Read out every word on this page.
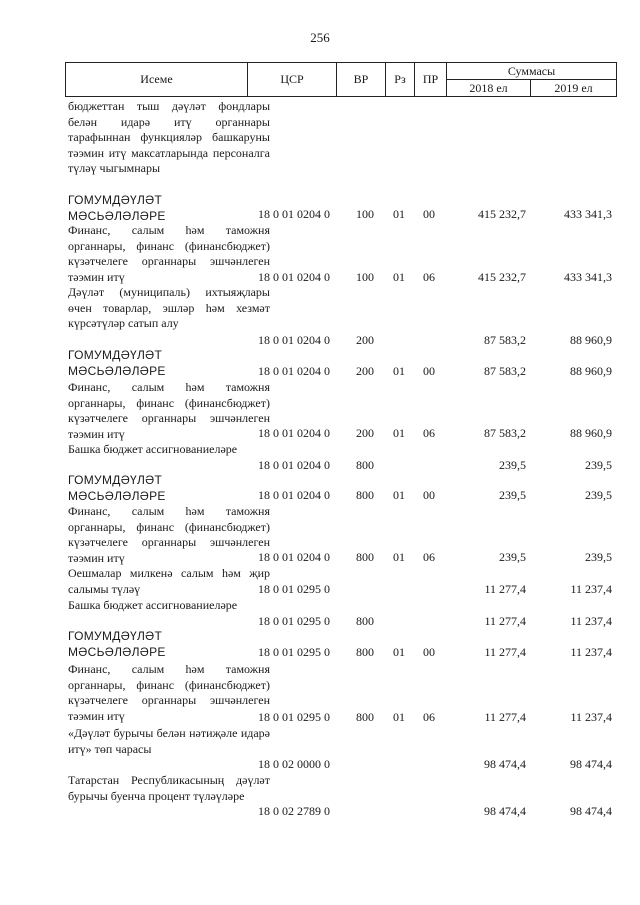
256
Исеме	ЦСР	ВР	Рз	ПР
Суммасы
2018 ел	2019 ел
бюджеттан тыш дәүләт фондлары белән идарә итү органнары тарафыннан функцияләр башкаруны тәэмин итү максатларында персоналга түләү чыгымнары
ГОМУМДӘҮЛӘТ МӘСЬӘЛӘЛӘРЕ	18 0 01 0204 0 100 01 00	415 232,7	433 341,3
Финанс, салым һәм таможня органнары, финанс (финансбюджет) күзәтчелеге органнары эшчәнлеген тәэмин итү	18 0 01 0204 0 100 01 06	415 232,7	433 341,3
Дәүләт (муниципаль) ихтыяҗлары өчен товарлар, эшләр һәм хезмәт күрсәтүләр сатып алу
18 0 01 0204 0 200	87 583,2	88 960,9
ГОМУМДӘҮЛӘТ МӘСЬӘЛӘЛӘРЕ	18 0 01 0204 0 200 01 00	87 583,2	88 960,9
Финанс, салым һәм таможня органнары, финанс (финансбюджет) күзәтчелеге органнары эшчәнлеген тәэмин итү	18 0 01 0204 0 200 01 06	87 583,2	88 960,9
Башка бюджет ассигнованиеләре
18 0 01 0204 0 800	239,5	239,5
ГОМУМДӘҮЛӘТ МӘСЬӘЛӘЛӘРЕ	18 0 01 0204 0 800 01 00	239,5	239,5
Финанс, салым һәм таможня органнары, финанс (финансбюджет) күзәтчелеге органнары эшчәнлеген тәэмин итү	18 0 01 0204 0 800 01 06	239,5	239,5
Оешмалар милкенә салым һәм җир салымы түләү	18 0 01 0295 0	11 277,4	11 237,4
Башка бюджет ассигнованиеләре
18 0 01 0295 0 800	11 277,4	11 237,4
ГОМУМДӘҮЛӘТ МӘСЬӘЛӘЛӘРЕ	18 0 01 0295 0 800 01 00	11 277,4	11 237,4
Финанс, салым һәм таможня органнары, финанс (финансбюджет) күзәтчелеге органнары эшчәнлеген тәэмин итү	18 0 01 0295 0 800 01 06	11 277,4	11 237,4
«Дәүләт бурычы белән нәтиҗәле идарә итү» төп чарасы
18 0 02 0000 0	98 474,4	98 474,4
Татарстан Республикасының дәүләт бурычы буенча процент түләүләре
18 0 02 2789 0	98 474,4	98 474,4
